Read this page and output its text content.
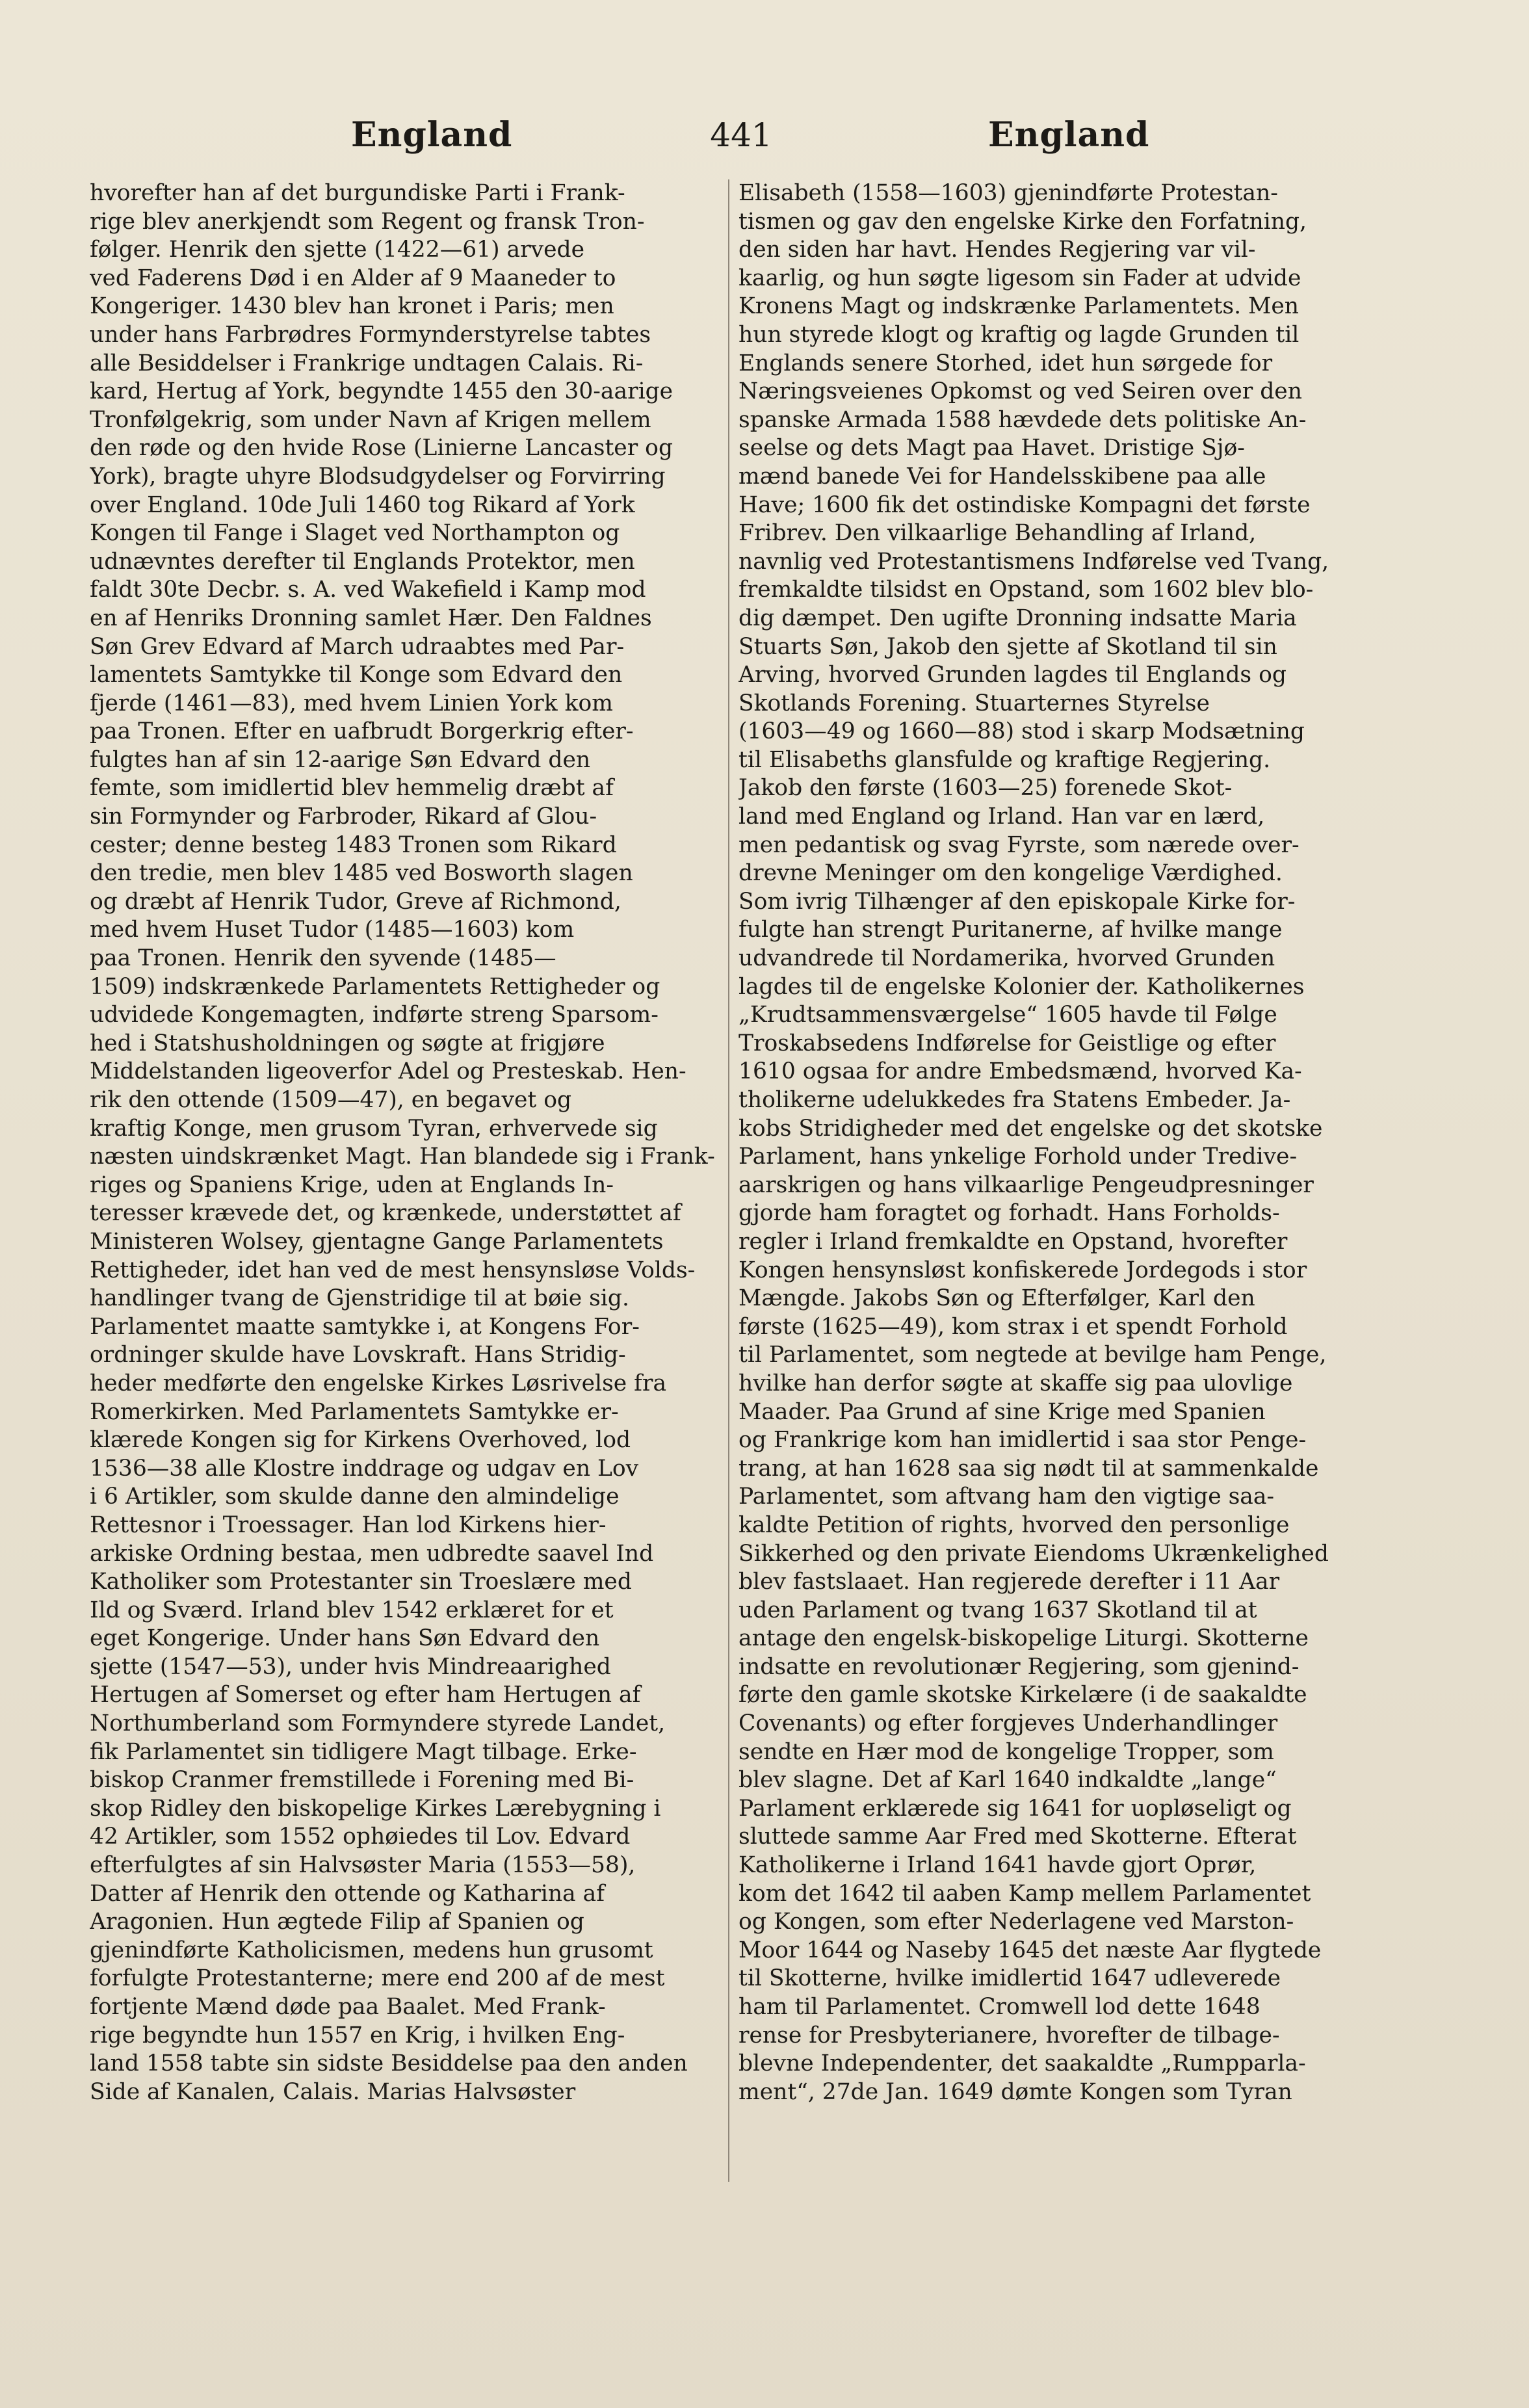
England	441	England
hvorefter han af det burgundiske Parti i Frank-
rige blev anerkjendt som Regent og fransk Tron-
følger. Henrik den sjette (1422—61) arvede
ved Faderens Død i en Alder af 9 Maaneder to
Kongeriger. 1430 blev han kronet i Paris; men
under hans Farbrødres Formynderstyrelse tabtes
alle Besiddelser i Frankrige undtagen Calais. Ri-
kard, Hertug af York, begyndte 1455 den 30-aarige
Tronfølgekrig, som under Navn af Krigen mellem
den røde og den hvide Rose (Linierne Lancaster og
York), bragte uhyre Blodsudgydelser og Forvirring
over England. 10de Juli 1460 tog Rikard af York
Kongen til Fange i Slaget ved Northampton og
udnævntes derefter til Englands Protektor, men
faldt 30te Decbr. s. A. ved Wakefield i Kamp mod
en af Henriks Dronning samlet Hær. Den Faldnes
Søn Grev Edvard af March udraabtes med Par-
lamentets Samtykke til Konge som Edvard den
fjerde (1461—83), med hvem Linien York kom
paa Tronen. Efter en uafbrudt Borgerkrig efter-
fulgtes han af sin 12-aarige Søn Edvard den
femte, som imidlertid blev hemmelig dræbt af
sin Formynder og Farbroder, Rikard af Glou-
cester; denne besteg 1483 Tronen som Rikard
den tredie, men blev 1485 ved Bosworth slagen
og dræbt af Henrik Tudor, Greve af Richmond,
med hvem Huset Tudor (1485—1603) kom
paa Tronen. Henrik den syvende (1485—
1509) indskrænkede Parlamentets Rettigheder og
udvidede Kongemagten, indførte streng Sparsom-
hed i Statshusholdningen og søgte at frigjøre
Middelstanden ligeoverfor Adel og Presteskab. Hen-
rik den ottende (1509—47), en begavet og
kraftig Konge, men grusom Tyran, erhvervede sig
næsten uindskrænket Magt. Han blandede sig i Frank-
riges og Spaniens Krige, uden at Englands In-
teresser krævede det, og krænkede, understøttet af
Ministeren Wolsey, gjentagne Gange Parlamentets
Rettigheder, idet han ved de mest hensynsløse Volds-
handlinger tvang de Gjenstridige til at bøie sig.
Parlamentet maatte samtykke i, at Kongens For-
ordninger skulde have Lovskraft. Hans Stridig-
heder medførte den engelske Kirkes Løsrivelse fra
Romerkirken. Med Parlamentets Samtykke er-
klærede Kongen sig for Kirkens Overhoved, lod
1536—38 alle Klostre inddrage og udgav en Lov
i 6 Artikler, som skulde danne den almindelige
Rettesnor i Troessager. Han lod Kirkens hier-
arkiske Ordning bestaa, men udbredte saavel Ind
Katholiker som Protestanter sin Troeslære med
Ild og Sværd. Irland blev 1542 erklæret for et
eget Kongerige. Under hans Søn Edvard den
sjette (1547—53), under hvis Mindreaarighed
Hertugen af Somerset og efter ham Hertugen af
Northumberland som Formyndere styrede Landet,
fik Parlamentet sin tidligere Magt tilbage. Erke-
biskop Cranmer fremstillede i Forening med Bi-
skop Ridley den biskopelige Kirkes Lærebygning i
42 Artikler, som 1552 ophøiedes til Lov. Edvard
efterfulgtes af sin Halvsøster Maria (1553—58),
Datter af Henrik den ottende og Katharina af
Aragonien. Hun ægtede Filip af Spanien og
gjenindførte Katholicismen, medens hun grusomt
forfulgte Protestanterne; mere end 200 af de mest
fortjente Mænd døde paa Baalet. Med Frank-
rige begyndte hun 1557 en Krig, i hvilken Eng-
land 1558 tabte sin sidste Besiddelse paa den anden
Side af Kanalen, Calais. Marias Halvsøster
Elisabeth (1558—1603) gjenindførte Protestan-
tismen og gav den engelske Kirke den Forfatning,
den siden har havt. Hendes Regjering var vil-
kaarlig, og hun søgte ligesom sin Fader at udvide
Kronens Magt og indskrænke Parlamentets. Men
hun styrede klogt og kraftig og lagde Grunden til
Englands senere Storhed, idet hun sørgede for
Næringsveienes Opkomst og ved Seiren over den
spanske Armada 1588 hævdede dets politiske An-
seelse og dets Magt paa Havet. Dristige Sjø-
mænd banede Vei for Handelsskibene paa alle
Have; 1600 fik det ostindiske Kompagni det første
Fribrev. Den vilkaarlige Behandling af Irland,
navnlig ved Protestantismens Indførelse ved Tvang,
fremkaldte tilsidst en Opstand, som 1602 blev blo-
dig dæmpet. Den ugifte Dronning indsatte Maria
Stuarts Søn, Jakob den sjette af Skotland til sin
Arving, hvorved Grunden lagdes til Englands og
Skotlands Forening. Stuarternes Styrelse
(1603—49 og 1660—88) stod i skarp Modsætning
til Elisabeths glansfulde og kraftige Regjering.
Jakob den første (1603—25) forenede Skot-
land med England og Irland. Han var en lærd,
men pedantisk og svag Fyrste, som nærede over-
drevne Meninger om den kongelige Værdighed.
Som ivrig Tilhænger af den episkopale Kirke for-
fulgte han strengt Puritanerne, af hvilke mange
udvandrede til Nordamerika, hvorved Grunden
lagdes til de engelske Kolonier der. Katholikernes
„Krudtsammensværgelse“ 1605 havde til Følge
Troskabsedens Indførelse for Geistlige og efter
1610 ogsaa for andre Embedsmænd, hvorved Ka-
tholikerne udelukkedes fra Statens Embeder. Ja-
kobs Stridigheder med det engelske og det skotske
Parlament, hans ynkelige Forhold under Tredive-
aarskrigen og hans vilkaarlige Pengeudpresninger
gjorde ham foragtet og forhadt. Hans Forholds-
regler i Irland fremkaldte en Opstand, hvorefter
Kongen hensynsløst konfiskerede Jordegods i stor
Mængde. Jakobs Søn og Efterfølger, Karl den
første (1625—49), kom strax i et spendt Forhold
til Parlamentet, som negtede at bevilge ham Penge,
hvilke han derfor søgte at skaffe sig paa ulovlige
Maader. Paa Grund af sine Krige med Spanien
og Frankrige kom han imidlertid i saa stor Penge-
trang, at han 1628 saa sig nødt til at sammenkalde
Parlamentet, som aftvang ham den vigtige saa-
kaldte Petition of rights, hvorved den personlige
Sikkerhed og den private Eiendoms Ukrænkelighed
blev fastslaaet. Han regjerede derefter i 11 Aar
uden Parlament og tvang 1637 Skotland til at
antage den engelsk-biskopelige Liturgi. Skotterne
indsatte en revolutionær Regjering, som gjenind-
førte den gamle skotske Kirkelære (i de saakaldte
Covenants) og efter forgjeves Underhandlinger
sendte en Hær mod de kongelige Tropper, som
blev slagne. Det af Karl 1640 indkaldte „lange“
Parlament erklærede sig 1641 for uopløseligt og
sluttede samme Aar Fred med Skotterne. Efterat
Katholikerne i Irland 1641 havde gjort Oprør,
kom det 1642 til aaben Kamp mellem Parlamentet
og Kongen, som efter Nederlagene ved Marston-
Moor 1644 og Naseby 1645 det næste Aar flygtede
til Skotterne, hvilke imidlertid 1647 udleverede
ham til Parlamentet. Cromwell lod dette 1648
rense for Presbyterianere, hvorefter de tilbage-
blevne Independenter, det saakaldte „Rumpparla-
ment“, 27de Jan. 1649 dømte Kongen som Tyran
